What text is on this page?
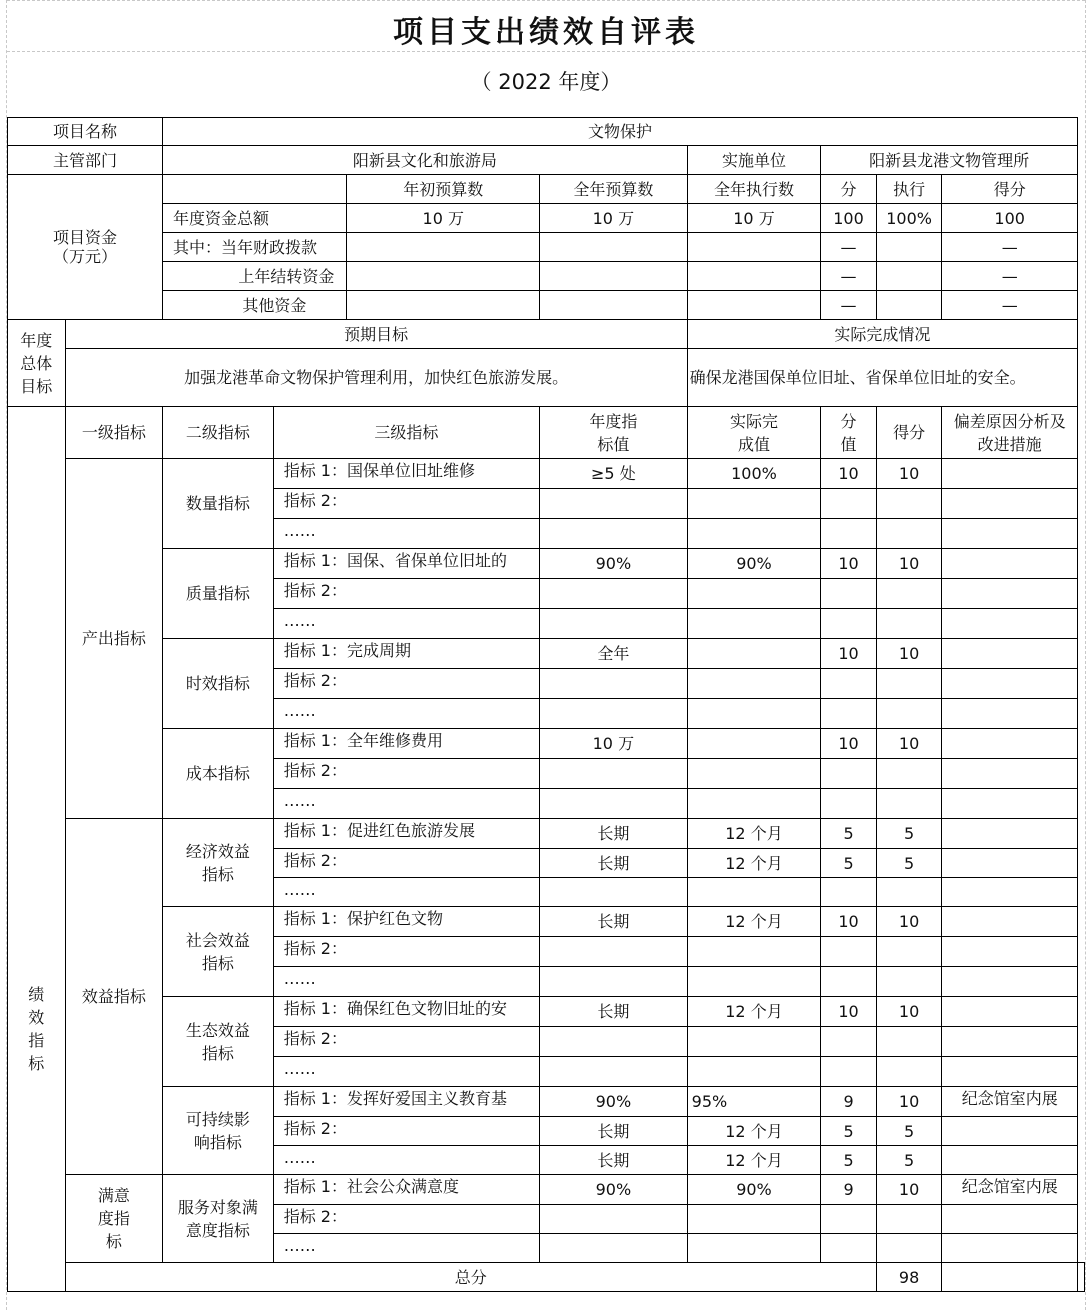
项目支出绩效自评表
（ 2022 年度）
项目名称		文物保护								
主管部门		阳新县文化和旅游局				实施单位	阳新县龙港文物管理所			
项目资金
（万元）				年初预算数	全年预算数	全年执行数	分	执行	得分	
		年度资金总额		10 万	10 万	10 万	100	100%	100	
		其中：当年财政拨款					—		—	
		上年结转资金					—		—	
		其他资金					—		—	
年度总体目标	预期目标					实际完成情况				
	加强龙港革命文物保护管理利用，加快红色旅游发展。					确保龙港国保单位旧址、省保单位旧址的安全。				
绩效指标	一级指标	二级指标	三级指标		年度指标值	实际完成值	分值	得分	偏差原因分析及改进措施	
	产出指标	数量指标	指标 1：国保单位旧址维修		≥5 处	100%	10	10		

			指标 2：							

			……							

		质量指标	指标 1：国保、省保单位旧址的		90%	90%	10	10		

			指标 2：							

			……							

		时效指标	指标 1：完成周期		全年		10	10		

			指标 2：							

			……							

		成本指标	指标 1：全年维修费用		10 万		10	10		

			指标 2：							

			……							

	效益指标	经济效益指标	指标 1：促进红色旅游发展		长期	12 个月	5	5		

			指标 2：		长期	12 个月	5	5		

			……							

		社会效益指标	指标 1：保护红色文物		长期	12 个月	10	10		

			指标 2：							

			……							

		生态效益指标	指标 1：确保红色文物旧址的安		长期	12 个月	10	10		

			指标 2：							

			……							

		可持续影响指标	指标 1：发挥好爱国主义教育基		90%	95%	9	10	纪念馆室内展	

			指标 2：		长期	12 个月	5	5		

			……		长期	12 个月	5	5		

	满意度指标	服务对象满意度指标	指标 1：社会公众满意度		90%	90%	9	10	纪念馆室内展	

			指标 2：							

			……							

	总分							98		
